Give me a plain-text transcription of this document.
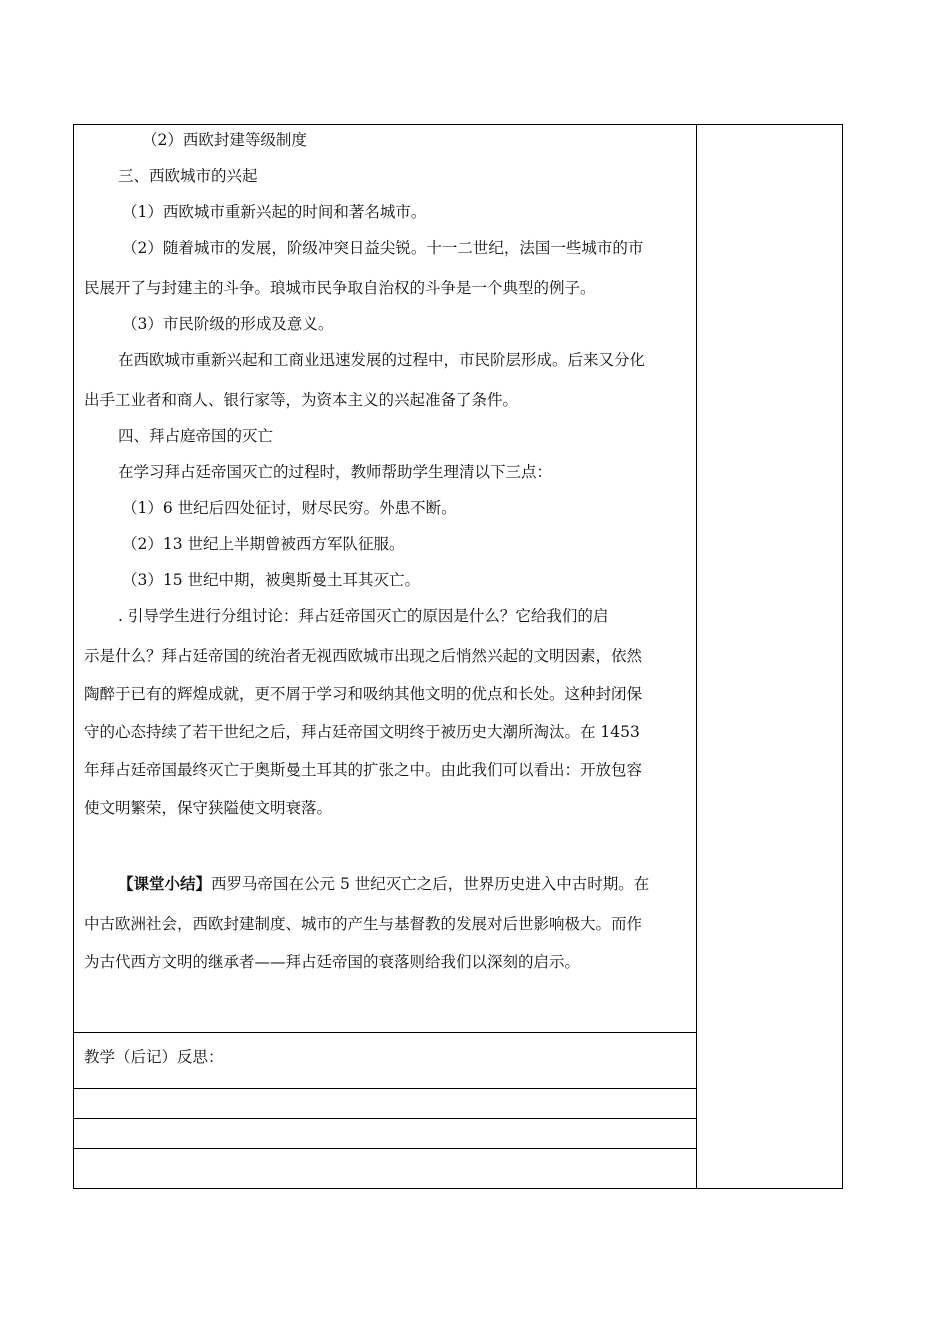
（2）西欧封建等级制度
三、西欧城市的兴起
（1）西欧城市重新兴起的时间和著名城市。
（2）随着城市的发展，阶级冲突日益尖锐。十一二世纪，法国一些城市的市
民展开了与封建主的斗争。琅城市民争取自治权的斗争是一个典型的例子。
（3）市民阶级的形成及意义。
在西欧城市重新兴起和工商业迅速发展的过程中，市民阶层形成。后来又分化
出手工业者和商人、银行家等，为资本主义的兴起准备了条件。
四、拜占庭帝国的灭亡
在学习拜占廷帝国灭亡的过程时，教师帮助学生理清以下三点：
（1）6 世纪后四处征讨，财尽民穷。外患不断。
（2）13 世纪上半期曾被西方军队征服。
（3）15 世纪中期，被奥斯曼土耳其灭亡。
. 引导学生进行分组讨论：拜占廷帝国灭亡的原因是什么？它给我们的启
示是什么？拜占廷帝国的统治者无视西欧城市出现之后悄然兴起的文明因素，依然
陶醉于已有的辉煌成就，更不屑于学习和吸纳其他文明的优点和长处。这种封闭保
守的心态持续了若干世纪之后，拜占廷帝国文明终于被历史大潮所淘汰。在 1453
年拜占廷帝国最终灭亡于奥斯曼土耳其的扩张之中。由此我们可以看出：开放包容
使文明繁荣，保守狭隘使文明衰落。
【课堂小结】西罗马帝国在公元 5 世纪灭亡之后，世界历史进入中古时期。在
中古欧洲社会，西欧封建制度、城市的产生与基督教的发展对后世影响极大。而作
为古代西方文明的继承者——拜占廷帝国的衰落则给我们以深刻的启示。
教学（后记）反思：
